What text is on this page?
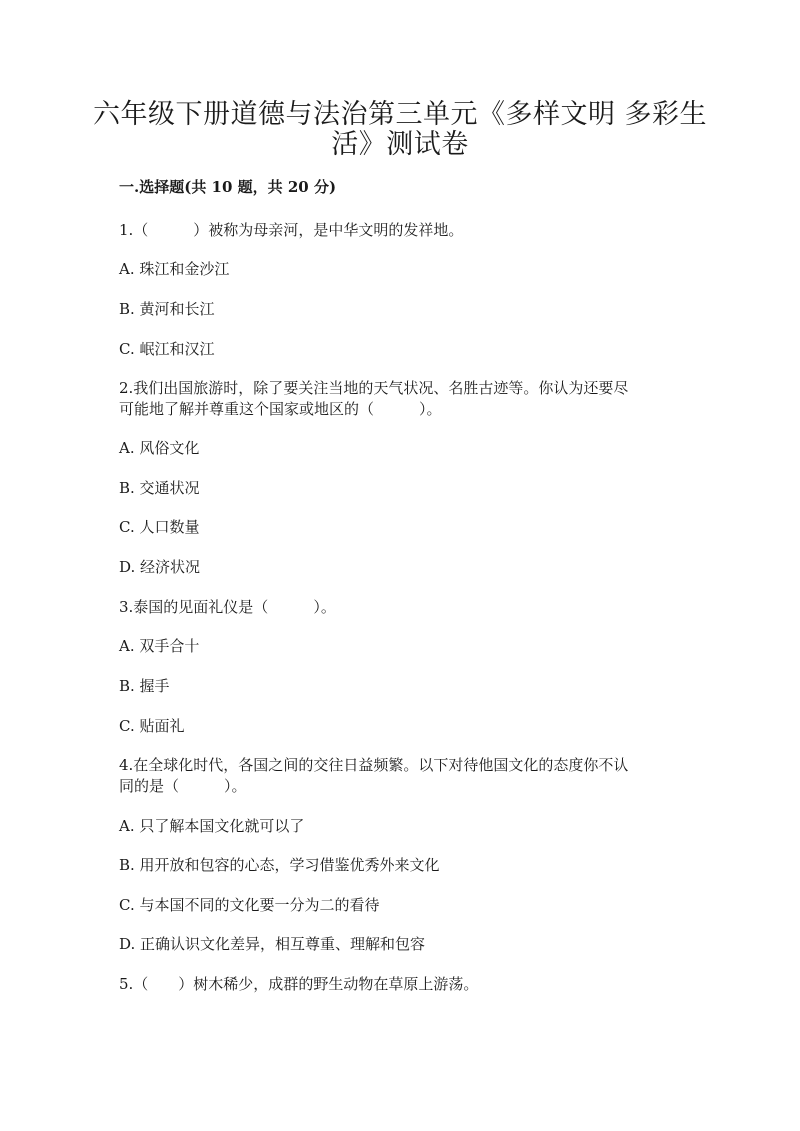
六年级下册道德与法治第三单元《多样文明 多彩生
活》测试卷
一.选择题(共 10 题，共 20 分)
1.（　　　）被称为母亲河，是中华文明的发祥地。
A. 珠江和金沙江
B. 黄河和长江
C. 岷江和汉江
2.我们出国旅游时，除了要关注当地的天气状况、名胜古迹等。你认为还要尽
可能地了解并尊重这个国家或地区的（　　　）。
A. 风俗文化
B. 交通状况
C. 人口数量
D. 经济状况
3.泰国的见面礼仪是（　　　）。
A. 双手合十
B. 握手
C. 贴面礼
4.在全球化时代，各国之间的交往日益频繁。以下对待他国文化的态度你不认
同的是（　　　）。
A. 只了解本国文化就可以了
B. 用开放和包容的心态，学习借鉴优秀外来文化
C. 与本国不同的文化要一分为二的看待
D. 正确认识文化差异，相互尊重、理解和包容
5.（　　）树木稀少，成群的野生动物在草原上游荡。
